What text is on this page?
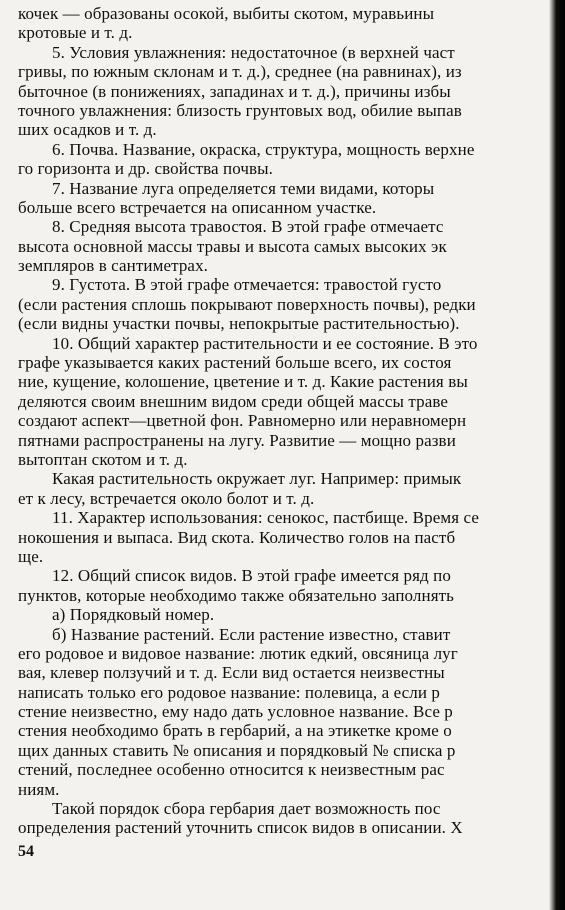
кочек — образованы осокой, выбиты скотом, муравьины
кротовые и т. д.
5. Условия увлажнения: недостаточное (в верхней част
гривы, по южным склонам и т. д.), среднее (на равнинах), из
быточное (в понижениях, западинах и т. д.), причины избы
точного увлажнения: близость грунтовых вод, обилие выпав
ших осадков и т. д.
6. Почва. Название, окраска, структура, мощность верхне
го горизонта и др. свойства почвы.
7. Название луга определяется теми видами, которы
больше всего встречается на описанном участке.
8. Средняя высота травостоя. В этой графе отмечаетс
высота основной массы травы и высота самых высоких эк
земпляров в сантиметрах.
9. Густота. В этой графе отмечается: травостой густо
(если растения сплошь покрывают поверхность почвы), редки
(если видны участки почвы, непокрытые растительностью).
10. Общий характер растительности и ее состояние. В это
графе указывается каких растений больше всего, их состоя
ние, кущение, колошение, цветение и т. д. Какие растения вы
деляются своим внешним видом среди общей массы траве
создают аспект—цветной фон. Равномерно или неравномерн
пятнами распространены на лугу. Развитие — мощно разви
вытоптан скотом и т. д.
Какая растительность окружает луг. Например: примык
ет к лесу, встречается около болот и т. д.
11. Характер использования: сенокос, пастбище. Время се
нокошения и выпаса. Вид скота. Количество голов на пастб
ще.
12. Общий список видов. В этой графе имеется ряд по
пунктов, которые необходимо также обязательно заполнять
а) Порядковый номер.
б) Название растений. Если растение известно, ставит
его родовое и видовое название: лютик едкий, овсяница луг
вая, клевер ползучий и т. д. Если вид остается неизвестны
написать только его родовое название: полевица, а если р
стение неизвестно, ему надо дать условное название. Все р
стения необходимо брать в гербарий, а на этикетке кроме о
щих данных ставить № описания и порядковый № списка р
стений, последнее особенно относится к неизвестным рас
ниям.
Такой порядок сбора гербария дает возможность пос
определения растений уточнить список видов в описании. Х
54
